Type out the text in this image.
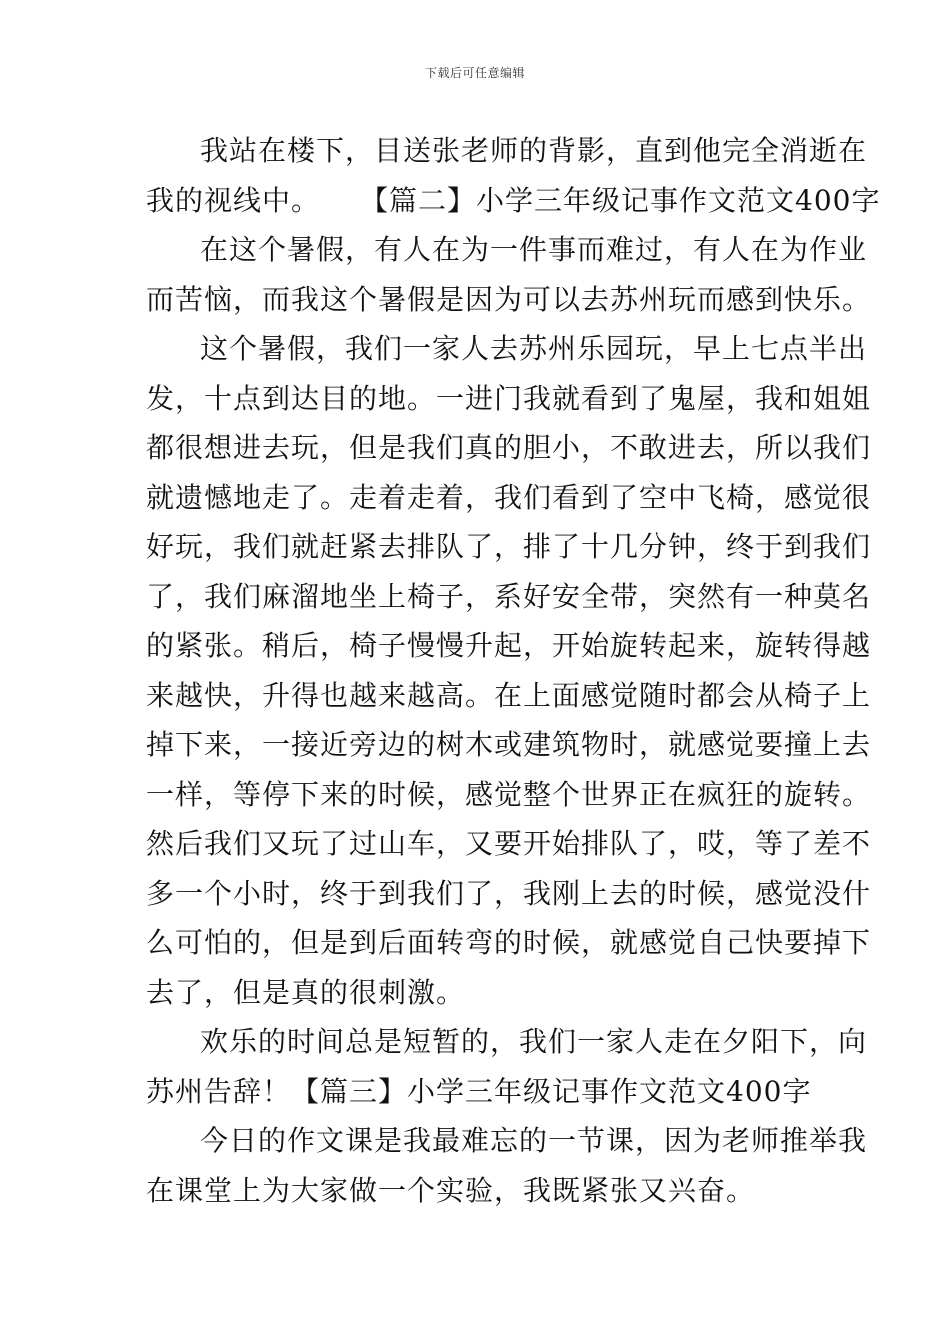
下载后可任意编辑
我站在楼下，目送张老师的背影，直到他完全消逝在
我的视线中。 【篇二】小学三年级记事作文范文400字
在这个暑假，有人在为一件事而难过，有人在为作业
而苦恼，而我这个暑假是因为可以去苏州玩而感到快乐。
这个暑假，我们一家人去苏州乐园玩，早上七点半出
发，十点到达目的地。一进门我就看到了鬼屋，我和姐姐
都很想进去玩，但是我们真的胆小，不敢进去，所以我们
就遗憾地走了。走着走着，我们看到了空中飞椅，感觉很
好玩，我们就赶紧去排队了，排了十几分钟，终于到我们
了，我们麻溜地坐上椅子，系好安全带，突然有一种莫名
的紧张。稍后，椅子慢慢升起，开始旋转起来，旋转得越
来越快，升得也越来越高。在上面感觉随时都会从椅子上
掉下来，一接近旁边的树木或建筑物时，就感觉要撞上去
一样，等停下来的时候，感觉整个世界正在疯狂的旋转。
然后我们又玩了过山车，又要开始排队了，哎，等了差不
多一个小时，终于到我们了，我刚上去的时候，感觉没什
么可怕的，但是到后面转弯的时候，就感觉自己快要掉下
去了，但是真的很刺激。
欢乐的时间总是短暂的，我们一家人走在夕阳下，向
苏州告辞！【篇三】小学三年级记事作文范文400字
今日的作文课是我最难忘的一节课，因为老师推举我
在课堂上为大家做一个实验，我既紧张又兴奋。
